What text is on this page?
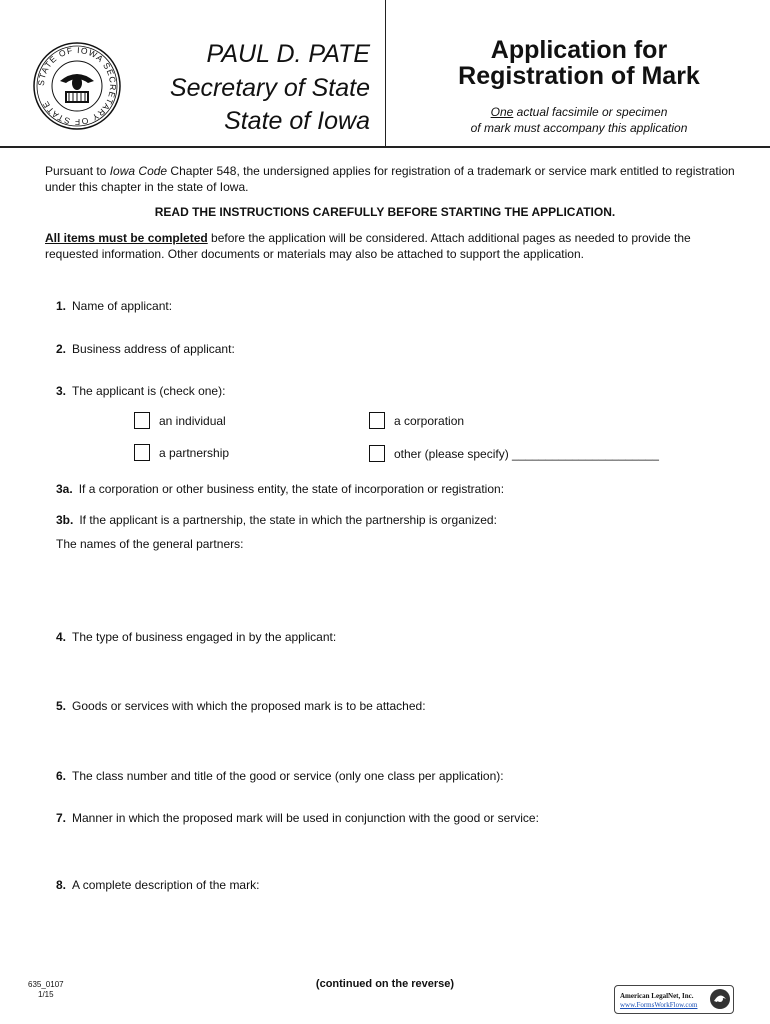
STATE OF IOWA SECRETARY OF STATE
PAUL D. PATE
Secretary of State
State of Iowa
Application for
Registration of Mark
One actual facsimile or specimen
of mark must accompany this application
Pursuant to Iowa Code Chapter 548, the undersigned applies for registration of a trademark or service mark entitled to registration under this chapter in the state of Iowa.
READ THE INSTRUCTIONS CAREFULLY BEFORE STARTING THE APPLICATION.
All items must be completed before the application will be considered. Attach additional pages as needed to provide the requested information. Other documents or materials may also be attached to support the application.
1. Name of applicant:
2. Business address of applicant:
3. The applicant is (check one):
an individual	a corporation
a partnership	other (please specify) ______________________
3a. If a corporation or other business entity, the state of incorporation or registration:
3b. If the applicant is a partnership, the state in which the partnership is organized:
The names of the general partners:
4. The type of business engaged in by the applicant:
5. Goods or services with which the proposed mark is to be attached:
6. The class number and title of the good or service (only one class per application):
7. Manner in which the proposed mark will be used in conjunction with the good or service:
8. A complete description of the mark:
635_0107
1/15
(continued on the reverse)
American LegalNet, Inc.
www.FormsWorkFlow.com
